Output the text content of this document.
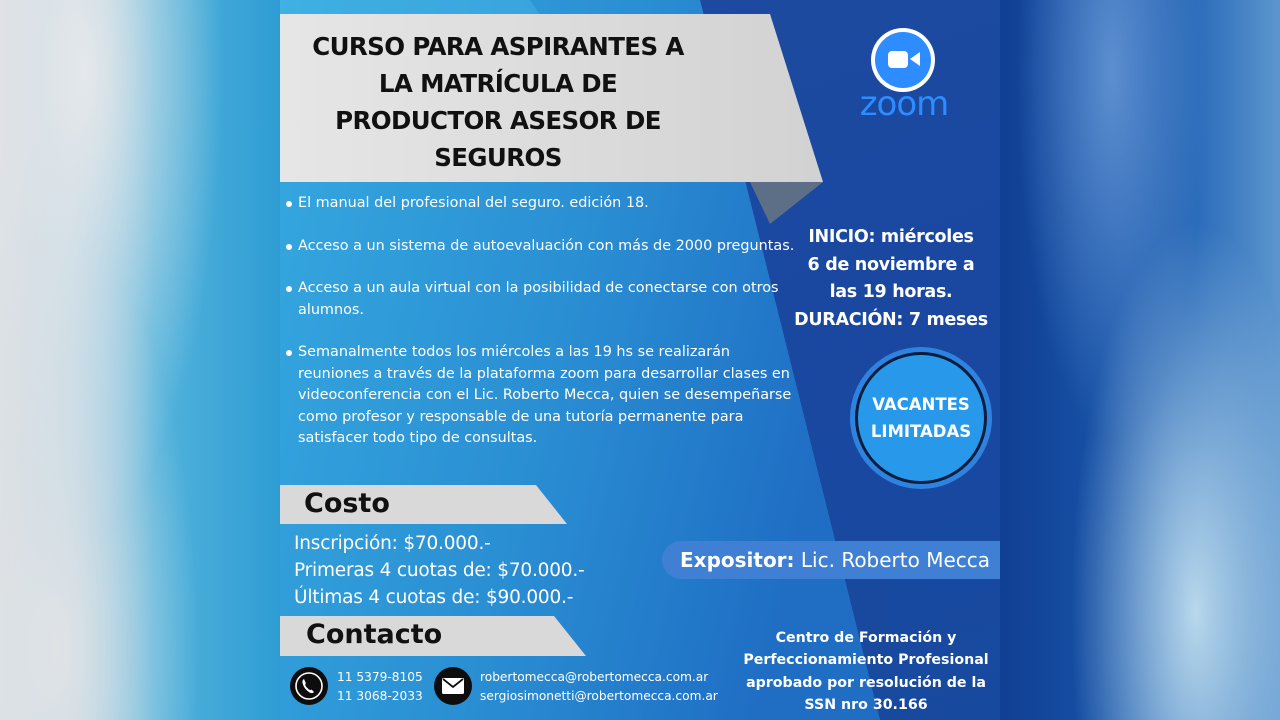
CURSO PARA ASPIRANTES A
LA MATRÍCULA DE
PRODUCTOR ASESOR DE
SEGUROS
zoom
El manual del profesional del seguro. edición 18.
Acceso a un sistema de autoevaluación con más de 2000 preguntas.
Acceso a un aula virtual con la posibilidad de conectarse con otros alumnos.
Semanalmente todos los miércoles a las 19 hs se realizarán reuniones a través de la plataforma zoom para desarrollar clases en videoconferencia con el Lic. Roberto Mecca, quien se desempeñarse como profesor y responsable de una tutoría permanente para satisfacer todo tipo de consultas.
INICIO: miércoles
6 de noviembre a
las 19 horas.
DURACIÓN: 7 meses
VACANTES
LIMITADAS
Costo
Inscripción: $70.000.-
Primeras 4 cuotas de: $70.000.-
Últimas 4 cuotas de: $90.000.-
Expositor: Lic. Roberto Mecca
Contacto
11 5379-8105
11 3068-2033
robertomecca@robertomecca.com.ar
sergiosimonetti@robertomecca.com.ar
Centro de Formación y
Perfeccionamiento Profesional
aprobado por resolución de la
SSN nro 30.166
